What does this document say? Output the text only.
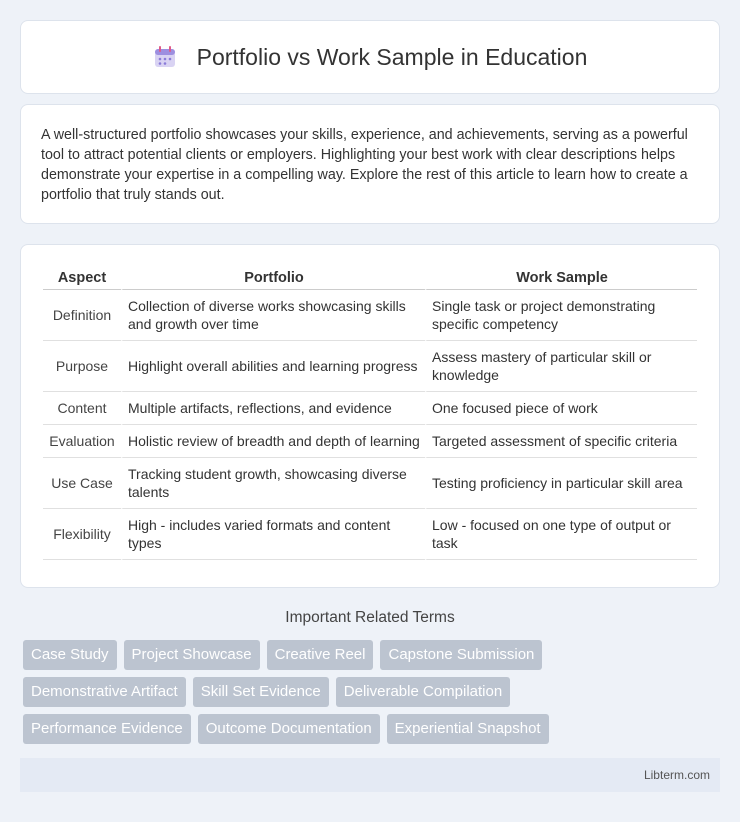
Portfolio vs Work Sample in Education

A well-structured portfolio showcases your skills, experience, and achievements, serving as a powerful tool to attract potential clients or employers. Highlighting your best work with clear descriptions helps demonstrate your expertise in a compelling way. Explore the rest of this article to learn how to create a portfolio that truly stands out.

Aspect	Portfolio	Work Sample
Definition	Collection of diverse works showcasing skills and growth over time	Single task or project demonstrating specific competency
Purpose	Highlight overall abilities and learning progress	Assess mastery of particular skill or knowledge
Content	Multiple artifacts, reflections, and evidence	One focused piece of work
Evaluation	Holistic review of breadth and depth of learning	Targeted assessment of specific criteria
Use Case	Tracking student growth, showcasing diverse talents	Testing proficiency in particular skill area
Flexibility	High - includes varied formats and content types	Low - focused on one type of output or task
Important Related Terms
Case Study	Project Showcase	Creative Reel	Capstone Submission
Demonstrative Artifact	Skill Set Evidence	Deliverable Compilation
Performance Evidence	Outcome Documentation	Experiential Snapshot
Libterm.com
